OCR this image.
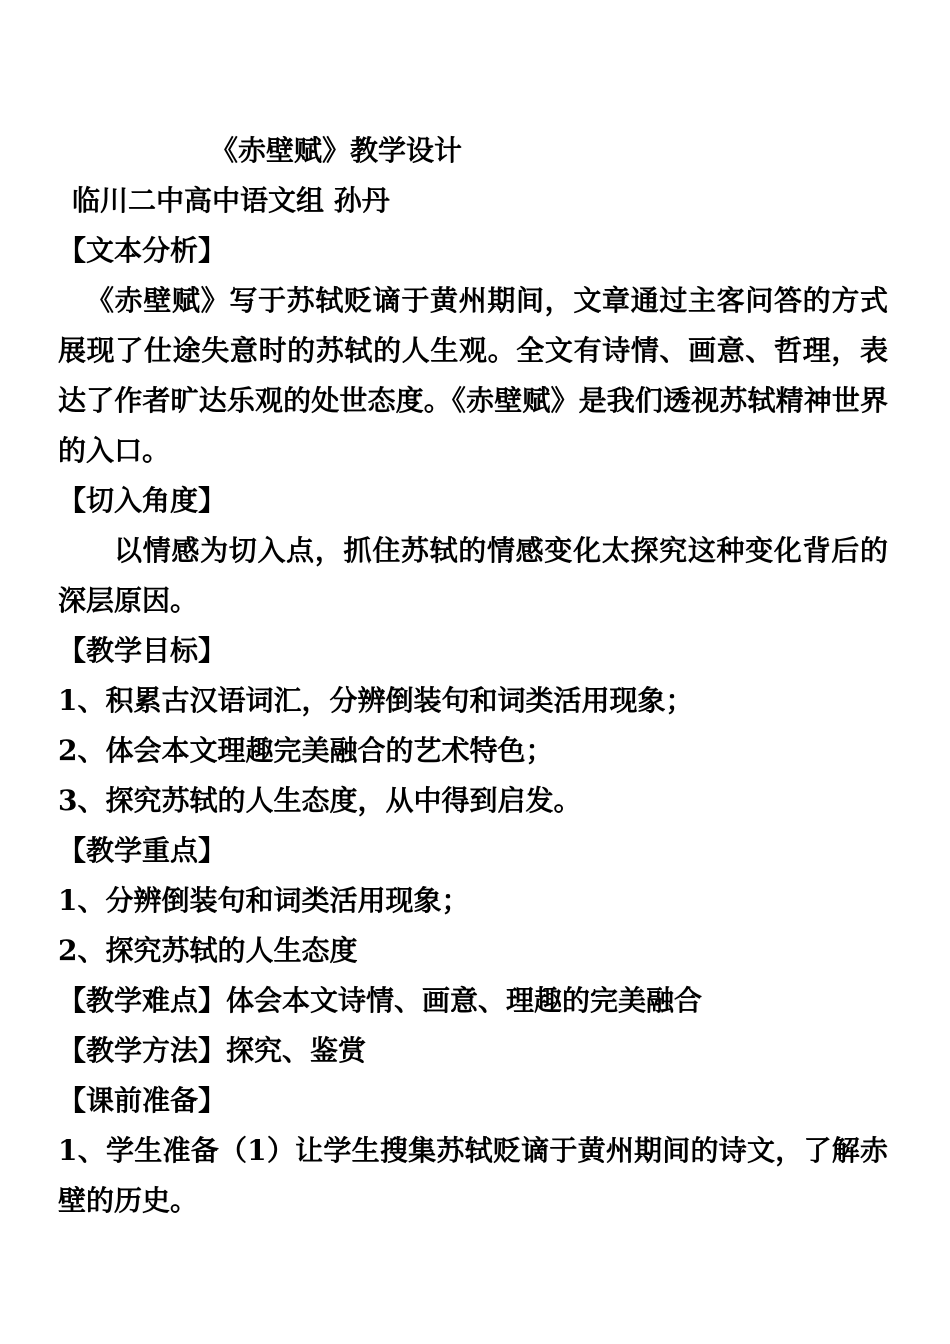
《赤壁赋》教学设计
临川二中高中语文组 孙丹
【文本分析】
《赤壁赋》写于苏轼贬谪于黄州期间，文章通过主客问答的方式展现了仕途失意时的苏轼的人生观。全文有诗情、画意、哲理，表达了作者旷达乐观的处世态度。《赤壁赋》是我们透视苏轼精神世界的入口。
【切入角度】
以情感为切入点，抓住苏轼的情感变化太探究这种变化背后的深层原因。
【教学目标】
1、积累古汉语词汇，分辨倒装句和词类活用现象；
2、体会本文理趣完美融合的艺术特色；
3、探究苏轼的人生态度，从中得到启发。
【教学重点】
1、分辨倒装句和词类活用现象；
2、探究苏轼的人生态度
【教学难点】体会本文诗情、画意、理趣的完美融合
【教学方法】探究、鉴赏
【课前准备】
1、学生准备（1）让学生搜集苏轼贬谪于黄州期间的诗文，了解赤壁的历史。
